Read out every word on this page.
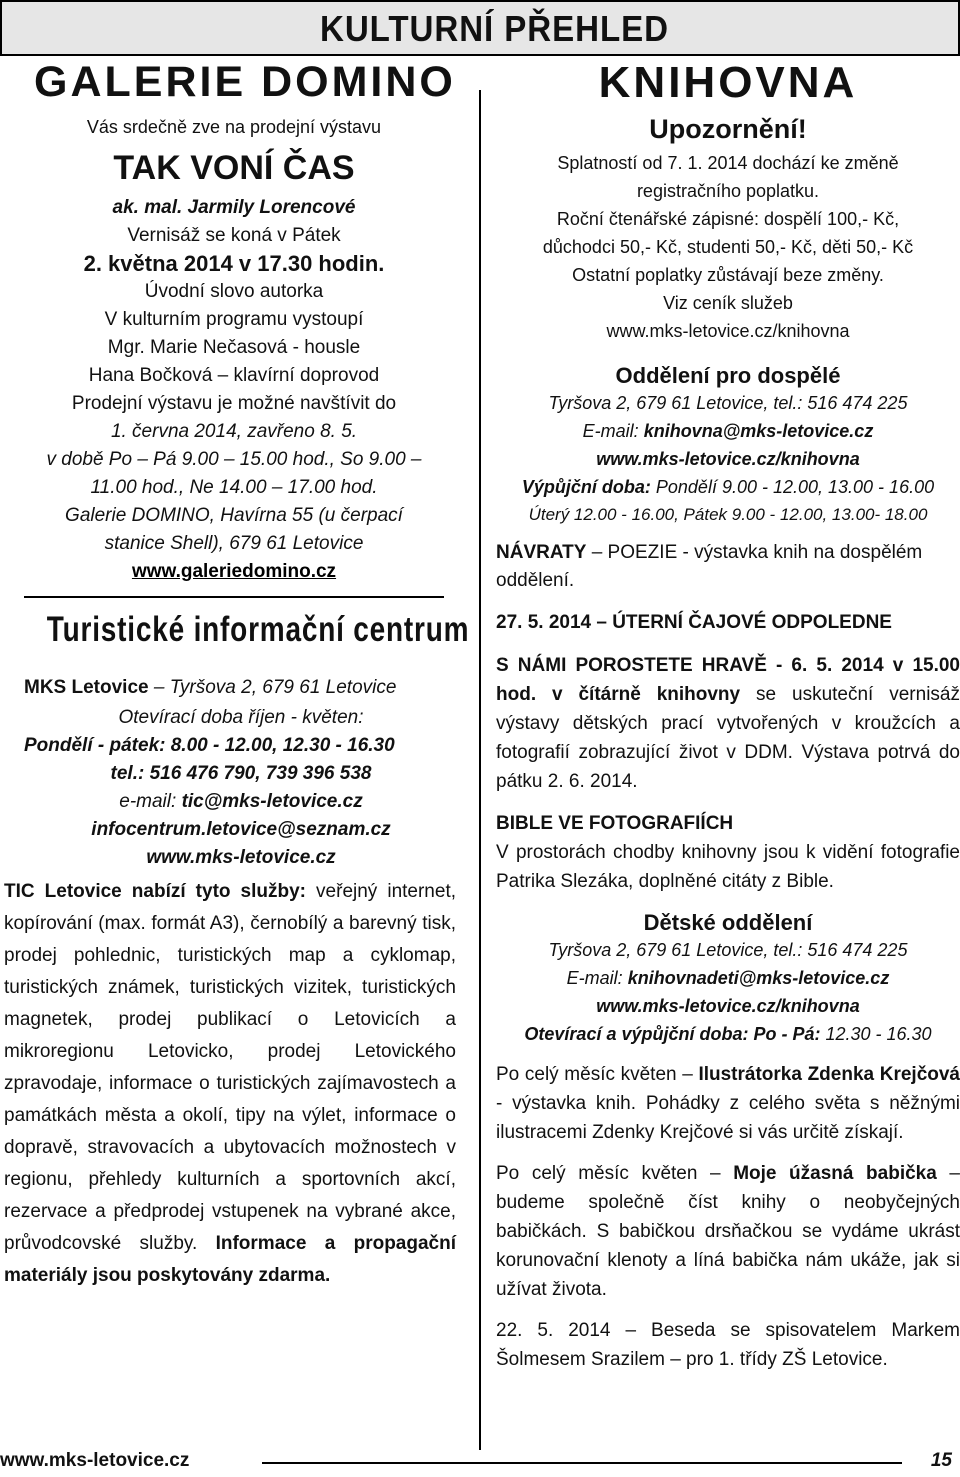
KULTURNÍ PŘEHLED
GALERIE DOMINO

Vás srdečně zve na prodejní výstavu

TAK VONÍ ČAS

ak. mal. Jarmily Lorencové

Vernisáž se koná v Pátek

2. května 2014 v 17.30 hodin.

Úvodní slovo autorka

V kulturním programu vystoupí

Mgr. Marie Nečasová - housle

Hana Bočková – klavírní doprovod

Prodejní výstavu je možné navštívit do

1. června 2014, zavřeno 8. 5.

v době Po – Pá 9.00 – 15.00 hod., So 9.00 –

11.00 hod., Ne 14.00 – 17.00 hod.

Galerie DOMINO, Havírna 55 (u čerpací

stanice Shell), 679 61 Letovice

www.galeriedomino.cz

Turistické informační centrum

MKS Letovice – Tyršova 2, 679 61 Letovice

Otevírací doba říjen - květen:

Pondělí - pátek: 8.00 - 12.00, 12.30 - 16.30

tel.: 516 476 790, 739 396 538

e-mail: tic@mks-letovice.cz

infocentrum.letovice@seznam.cz

www.mks-letovice.cz

TIC Letovice nabízí tyto služby: veřejný internet, kopírování (max. formát A3), černobílý a barevný tisk, prodej pohlednic, turistických map a cyklomap, turistických známek, turistických vizitek, turistických magnetek, prodej publikací o Letovicích a mikroregionu Letovicko, prodej Letovického zpravodaje, informace o turistických zajímavostech a památkách města a okolí, tipy na výlet, informace o dopravě, stravovacích a ubytovacích možnostech v regionu, přehledy kulturních a sportovních akcí, rezervace a předprodej vstupenek na vybrané akce, průvodcovské služby. Informace a propagační materiály jsou poskytovány zdarma.

KNIHOVNA
Upozornění!

Splatností od 7. 1. 2014 dochází ke změně

registračního poplatku.

Roční čtenářské zápisné: dospělí 100,- Kč,

důchodci 50,- Kč, studenti 50,- Kč, děti 50,- Kč

Ostatní poplatky zůstávají beze změny.

Viz ceník služeb

www.mks-letovice.cz/knihovna

Oddělení pro dospělé

Tyršova 2, 679 61 Letovice, tel.: 516 474 225

E-mail: knihovna@mks-letovice.cz

www.mks-letovice.cz/knihovna

Výpůjční doba: Pondělí 9.00 - 12.00, 13.00 - 16.00

Úterý 12.00 - 16.00, Pátek 9.00 - 12.00, 13.00- 18.00

NÁVRATY – POEZIE - výstavka knih na dospělém oddělení.

27. 5. 2014 – ÚTERNÍ ČAJOVÉ ODPOLEDNE

S NÁMI POROSTETE HRAVĚ - 6. 5. 2014 v 15.00 hod. v čítárně knihovny se uskuteční vernisáž výstavy dětských prací vytvořených v kroužcích a fotografií zobrazující život v DDM. Výstava potrvá do pátku 2. 6. 2014.

BIBLE VE FOTOGRAFIÍCH

V prostorách chodby knihovny jsou k vidění fotografie Patrika Slezáka, doplněné citáty z Bible.

Dětské oddělení

Tyršova 2, 679 61 Letovice, tel.: 516 474 225

E-mail: knihovnadeti@mks-letovice.cz

www.mks-letovice.cz/knihovna

Otevírací a výpůjční doba: Po - Pá: 12.30 - 16.30

Po celý měsíc květen – Ilustrátorka Zdenka Krejčová - výstavka knih. Pohádky z celého světa s něžnými ilustracemi Zdenky Krejčové si vás určitě získají.

Po celý měsíc květen – Moje úžasná babička – budeme společně číst knihy o neobyčejných babičkách. S babičkou drsňačkou se vydáme ukrást korunovační klenoty a líná babička nám ukáže, jak si užívat života.

22. 5. 2014 – Beseda se spisovatelem Markem Šolmesem Srazilem – pro 1. třídy ZŠ Letovice.

www.mks-letovice.cz	15
